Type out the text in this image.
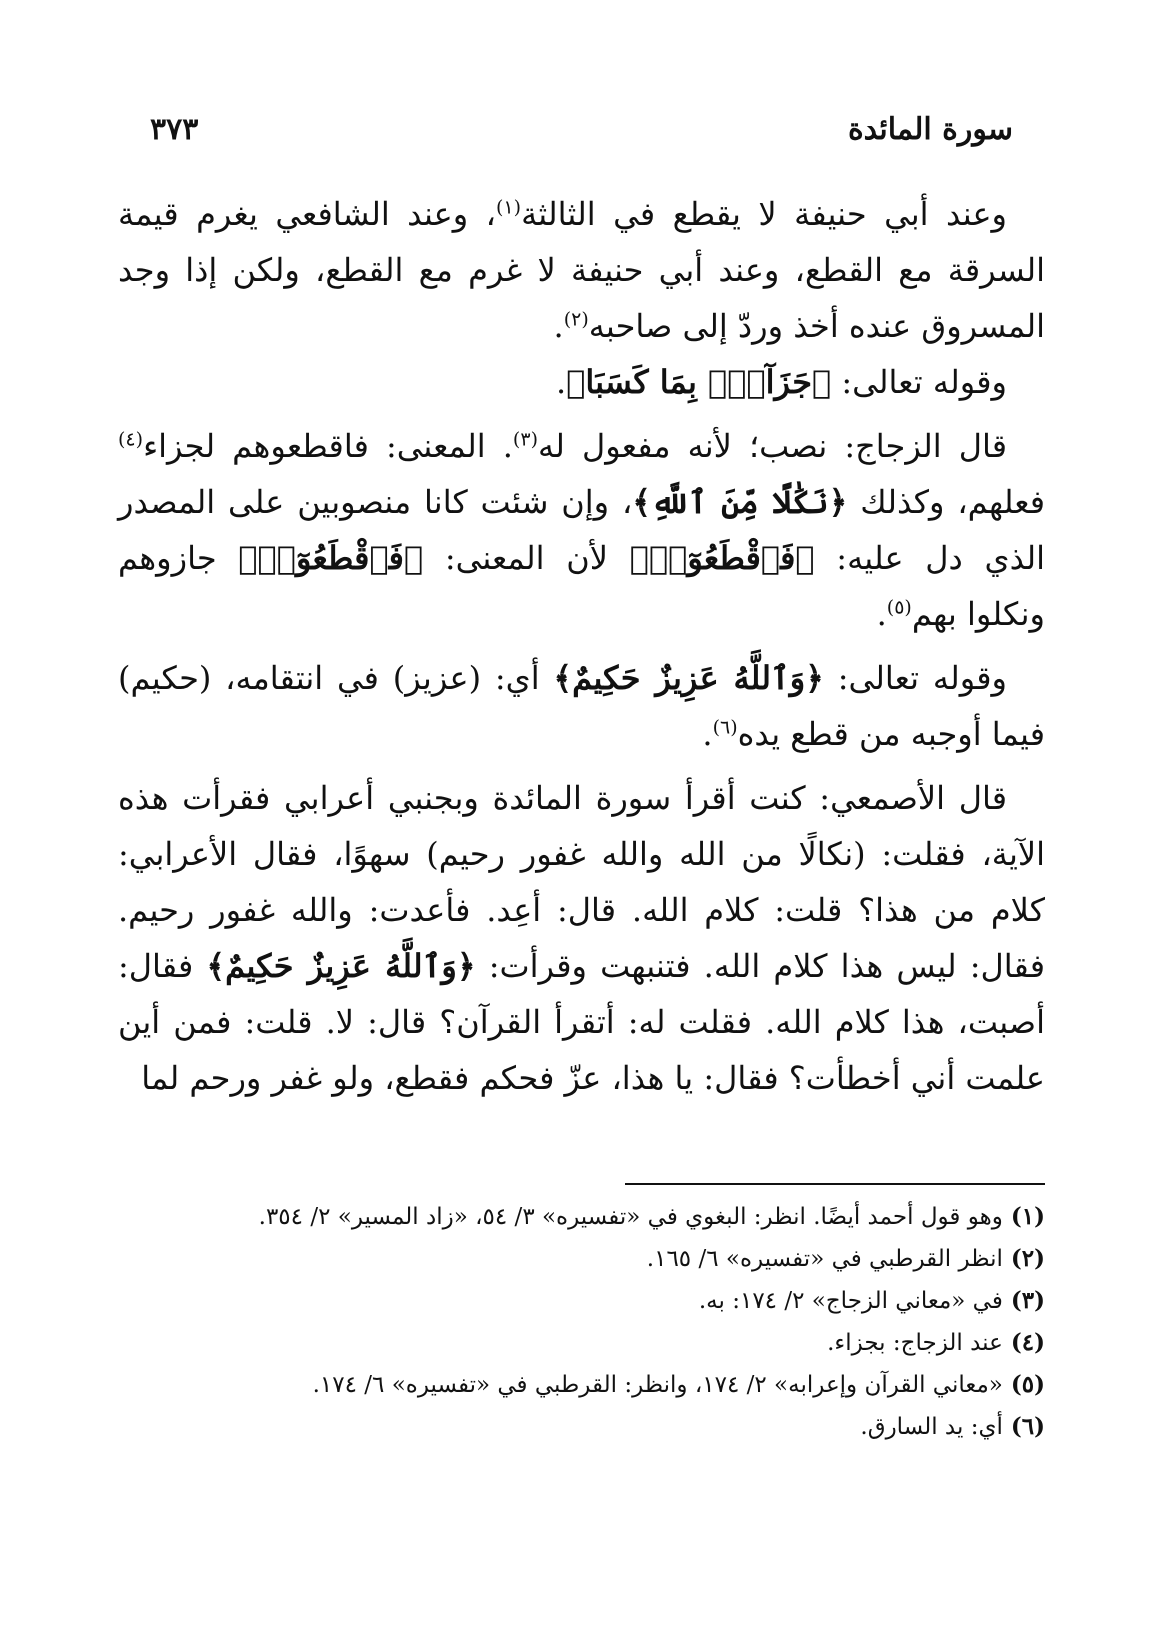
سورة المائدة
٣٧٣

وعند أبي حنيفة لا يقطع في الثالثة$^{(١)}$، وعند الشافعي يغرم قيمة السرقة مع القطع، وعند أبي حنيفة لا غرم مع القطع، ولكن إذا وجد المسروق عنده أخذ وردّ إلى صاحبه$^{(٢)}$.

وقوله تعالى: ﴿جَزَآءَۢ بِمَا كَسَبَا﴾.

قال الزجاج: نصب؛ لأنه مفعول له$^{(٣)}$. المعنى: فاقطعوهم لجزاء$^{(٤)}$ فعلهم، وكذلك ﴿نَكَٰلًا مِّنَ ٱللَّهِ﴾، وإن شئت كانا منصوبين على المصدر الذي دل عليه: ﴿فَٱقْطَعُوٓا۟﴾ لأن المعنى: ﴿فَٱقْطَعُوٓا۟﴾ جازوهم ونكلوا بهم$^{(٥)}$.

وقوله تعالى: ﴿وَٱللَّهُ عَزِيزٌ حَكِيمٌ﴾ أي: (عزيز) في انتقامه، (حكيم) فيما أوجبه من قطع يده$^{(٦)}$.

قال الأصمعي: كنت أقرأ سورة المائدة وبجنبي أعرابي فقرأت هذه الآية، فقلت: (نكالًا من الله والله غفور رحيم) سهوًا، فقال الأعرابي: كلام من هذا؟ قلت: كلام الله. قال: أعِد. فأعدت: والله غفور رحيم. فقال: ليس هذا كلام الله. فتنبهت وقرأت: ﴿وَٱللَّهُ عَزِيزٌ حَكِيمٌ﴾ فقال: أصبت، هذا كلام الله. فقلت له: أتقرأ القرآن؟ قال: لا. قلت: فمن أين علمت أني أخطأت؟ فقال: يا هذا، عزّ فحكم فقطع، ولو غفر ورحم لما

(١)وهو قول أحمد أيضًا. انظر: البغوي في «تفسيره» ٣/ ٥٤، «زاد المسير» ٢/ ٣٥٤.
(٢)انظر القرطبي في «تفسيره» ٦/ ١٦٥.
(٣)في «معاني الزجاج» ٢/ ١٧٤: به.
(٤)عند الزجاج: بجزاء.
(٥)«معاني القرآن وإعرابه» ٢/ ١٧٤، وانظر: القرطبي في «تفسيره» ٦/ ١٧٤.
(٦)أي: يد السارق.
